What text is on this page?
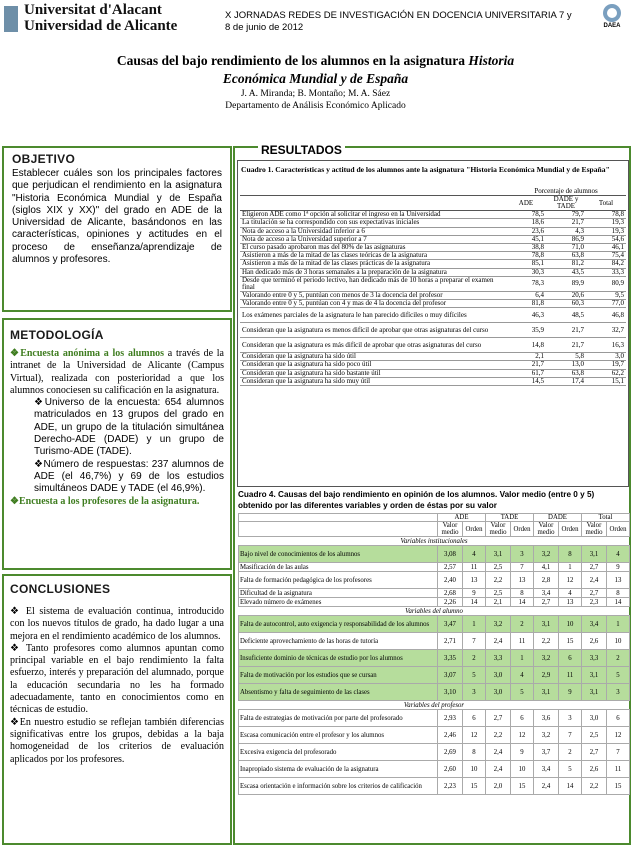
Universitat d'Alacant
Universidad de Alicante
X JORNADAS REDES DE INVESTIGACIÓN EN DOCENCIA UNIVERSITARIA 7 y
8 de junio de 2012	DAEA
Causas del bajo rendimiento de los alumnos en la asignatura Historia
Económica Mundial y de España
J. A. Miranda; B. Montaño; M. A. Sáez
Departamento de Análisis Económico Aplicado
OBJETIVO
Establecer cuáles son los principales factores que perjudican el rendimiento en la asignatura "Historia Económica Mundial y de España (siglos XIX y XX)" del grado en ADE de la Universidad de Alicante, basándonos en las características, opiniones y actitudes en el proceso de enseñanza/aprendizaje de alumnos y profesores.
METODOLOGÍA
❖Encuesta anónima a los alumnos a través de la intranet de la Universidad de Alicante (Campus Virtual), realizada con posterioridad a que los alumnos conociesen su calificación en la asignatura.
❖Universo de la encuesta: 654 alumnos matriculados en 13 grupos del grado en ADE, un grupo de la titulación simultánea Derecho-ADE (DADE) y un grupo de Turismo-ADE (TADE).
❖Número de respuestas: 237 alumnos de ADE (el 46,7%) y 69 de los estudios simultáneos DADE y TADE (el 46,9%).
❖Encuesta a los profesores de la asignatura.
CONCLUSIONES
❖ El sistema de evaluación continua, introducido con los nuevos títulos de grado, ha dado lugar a una mejora en el rendimiento académico de los alumnos.
❖ Tanto profesores como alumnos apuntan como principal variable en el bajo rendimiento la falta esfuerzo, interés y preparación del alumnado, porque la educación secundaria no les ha formado adecuadamente, tanto en conocimientos como en técnicas de estudio.
❖En nuestro estudio se reflejan también diferencias significativas entre los grupos, debidas a la baja homogeneidad de los criterios de evaluación aplicados por los profesores.
RESULTADOS
Cuadro 1. Características y actitud de los alumnos ante la asignatura "Historia Económica Mundial y de España"
	Porcentaje de alumnos		
	ADE	DADE y TADE	Total
Eligieron ADE como 1ª opción al solicitar el ingreso en la Universidad	78,5	79,7	78,8
La titulación se ha correspondido con sus expectativas iniciales	18,6	21,7	19,3
Nota de acceso a la Universidad inferior a 6	23,6	4,3	19,3
Nota de acceso a la Universidad superior a 7	45,1	86,9	54,6
El curso pasado aprobaron mas del 80% de las asignaturas	38,8	71,0	46,1
Asistieron a más de la mitad de las clases teóricas de la asignatura	78,8	63,8	75,4
Asistieron a más de la mitad de las clases prácticas de la asignatura	85,1	81,2	84,2
Han dedicado más de 3 horas semanales a la preparación de la asignatura	30,3	43,5	33,3
Desde que terminó el periodo lectivo, han dedicado más de 10 horas a preparar el examen final	78,3	89,9	80,9
Valorando entre 0 y 5, puntúan con menos de 3 la docencia del profesor	6,4	20,6	9,5
Valorando entre 0 y 5, puntúan con 4 y mas de 4 la docencia del profesor	81,8	60,3	77,0
Los exámenes parciales de la asignatura le han parecido difíciles o muy difíciles	46,3	48,5	46,8
Consideran que la asignatura es menos difícil de aprobar que otras asignaturas del curso	35,9	21,7	32,7
Consideran que la asignatura es más difícil de aprobar que otras asignaturas del curso	14,8	21,7	16,3
Consideran que la asignatura ha sido útil	2,1	5,8	3,0
Consideran que la asignatura ha sido poco útil	21,7	13,0	19,7
Consideran que la asignatura ha sido bastante útil	61,7	63,8	62,2
Consideran que la asignatura ha sido muy útil	14,5	17,4	15,1
Cuadro 4. Causas del bajo rendimiento en opinión de los alumnos. Valor medio (entre 0 y 5) obtenido por las diferentes variables y orden de éstas por su valor
	ADE		TADE		DADE		Total	
	Valor medio	Orden	Valor medio	Orden	Valor medio	Orden	Valor medio	Orden
Variables institucionales								
Bajo nivel de conocimientos de los alumnos	3,08	4	3,1	3	3,2	8	3,1	4
Masificación de las aulas	2,57	11	2,5	7	4,1	1	2,7	9
Falta de formación pedagógica de los profesores	2,40	13	2,2	13	2,8	12	2,4	13
Dificultad de la asignatura	2,68	9	2,5	8	3,4	4	2,7	8
Elevado número de exámenes	2,26	14	2,1	14	2,7	13	2,3	14
Variables del alumno								
Falta de autocontrol, auto exigencia y responsabilidad de los alumnos	3,47	1	3,2	2	3,1	10	3,4	1
Deficiente aprovechamiento de las horas de tutoría	2,71	7	2,4	11	2,2	15	2,6	10
Insuficiente dominio de técnicas de estudio por los alumnos	3,35	2	3,3	1	3,2	6	3,3	2
Falta de motivación por los estudios que se cursan	3,07	5	3,0	4	2,9	11	3,1	5
Absentismo y falta de seguimiento de las clases	3,10	3	3,0	5	3,1	9	3,1	3
Variables del profesor								
Falta de estrategias de motivación por parte del profesorado	2,93	6	2,7	6	3,6	3	3,0	6
Escasa comunicación entre el profesor y los alumnos	2,46	12	2,2	12	3,2	7	2,5	12
Excesiva exigencia del profesorado	2,69	8	2,4	9	3,7	2	2,7	7
Inapropiado sistema de evaluación de la asignatura	2,60	10	2,4	10	3,4	5	2,6	11
Escasa orientación e información sobre los criterios de calificación	2,23	15	2,0	15	2,4	14	2,2	15
